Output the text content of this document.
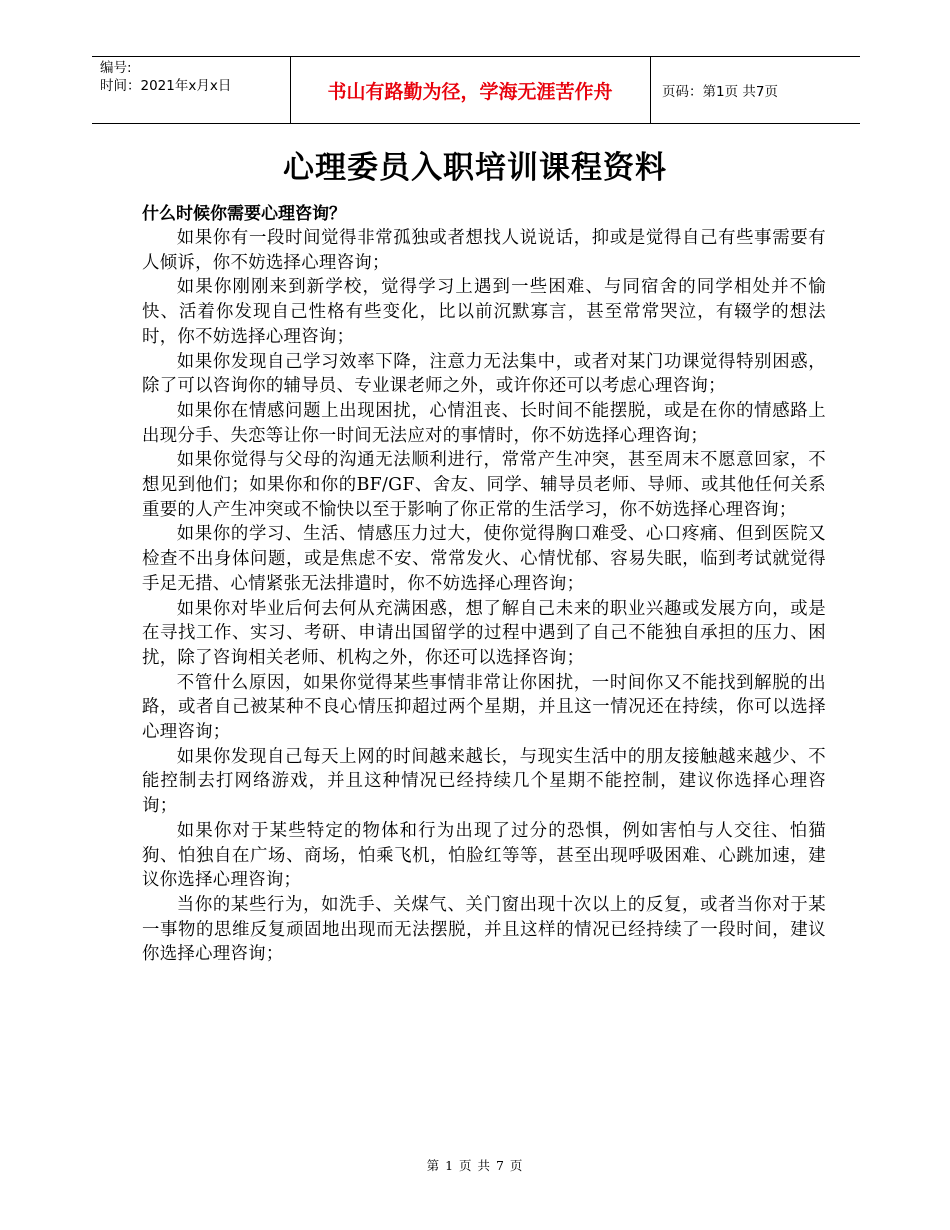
编号:
时间：2021年x月x日	书山有路勤为径，学海无涯苦作舟	页码：第1页 共7页
心理委员入职培训课程资料

什么时候你需要心理咨询？

如果你有一段时间觉得非常孤独或者想找人说说话，抑或是觉得自己有些事需要有人倾诉，你不妨选择心理咨询；

如果你刚刚来到新学校，觉得学习上遇到一些困难、与同宿舍的同学相处并不愉快、活着你发现自己性格有些变化，比以前沉默寡言，甚至常常哭泣，有辍学的想法时，你不妨选择心理咨询；

如果你发现自己学习效率下降，注意力无法集中，或者对某门功课觉得特别困惑，除了可以咨询你的辅导员、专业课老师之外，或许你还可以考虑心理咨询；

如果你在情感问题上出现困扰，心情沮丧、长时间不能摆脱，或是在你的情感路上出现分手、失恋等让你一时间无法应对的事情时，你不妨选择心理咨询；

如果你觉得与父母的沟通无法顺利进行，常常产生冲突，甚至周末不愿意回家，不想见到他们；如果你和你的BF/GF、舍友、同学、辅导员老师、导师、或其他任何关系重要的人产生冲突或不愉快以至于影响了你正常的生活学习，你不妨选择心理咨询；

如果你的学习、生活、情感压力过大，使你觉得胸口难受、心口疼痛、但到医院又检查不出身体问题，或是焦虑不安、常常发火、心情忧郁、容易失眠，临到考试就觉得手足无措、心情紧张无法排遣时，你不妨选择心理咨询；

如果你对毕业后何去何从充满困惑，想了解自己未来的职业兴趣或发展方向，或是在寻找工作、实习、考研、申请出国留学的过程中遇到了自己不能独自承担的压力、困扰，除了咨询相关老师、机构之外，你还可以选择咨询；

不管什么原因，如果你觉得某些事情非常让你困扰，一时间你又不能找到解脱的出路，或者自己被某种不良心情压抑超过两个星期，并且这一情况还在持续，你可以选择心理咨询；

如果你发现自己每天上网的时间越来越长，与现实生活中的朋友接触越来越少、不能控制去打网络游戏，并且这种情况已经持续几个星期不能控制，建议你选择心理咨询；

如果你对于某些特定的物体和行为出现了过分的恐惧，例如害怕与人交往、怕猫狗、怕独自在广场、商场，怕乘飞机，怕脸红等等，甚至出现呼吸困难、心跳加速，建议你选择心理咨询；

当你的某些行为，如洗手、关煤气、关门窗出现十次以上的反复，或者当你对于某一事物的思维反复顽固地出现而无法摆脱，并且这样的情况已经持续了一段时间，建议你选择心理咨询；

第 1 页 共 7 页
